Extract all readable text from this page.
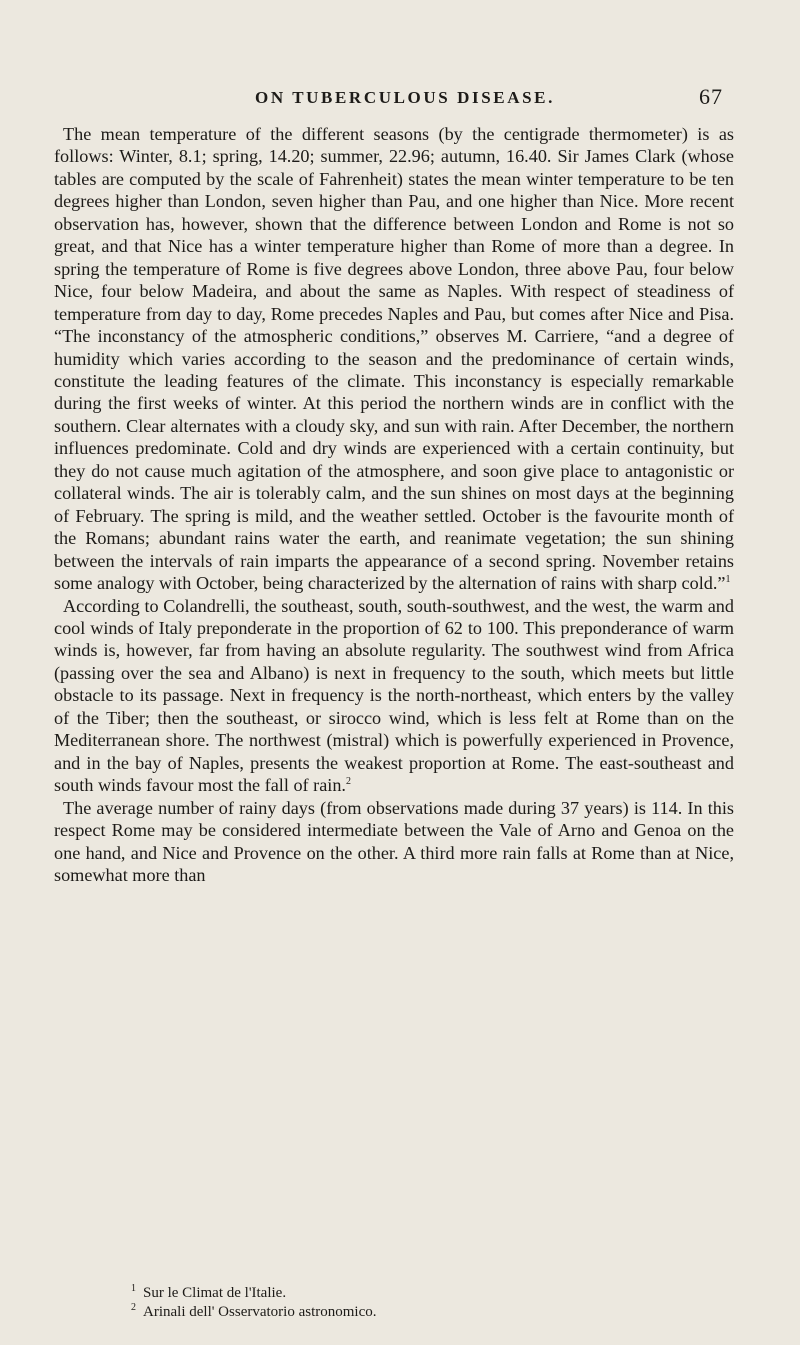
ON TUBERCULOUS DISEASE.	67

The mean temperature of the different seasons (by the centigrade thermometer) is as follows: Winter, 8.1; spring, 14.20; summer, 22.96; autumn, 16.40. Sir James Clark (whose tables are computed by the scale of Fahrenheit) states the mean winter temperature to be ten degrees higher than London, seven higher than Pau, and one higher than Nice. More recent observation has, however, shown that the difference between London and Rome is not so great, and that Nice has a winter temperature higher than Rome of more than a degree. In spring the temperature of Rome is five degrees above London, three above Pau, four below Nice, four below Madeira, and about the same as Naples. With respect of steadiness of temperature from day to day, Rome precedes Naples and Pau, but comes after Nice and Pisa. “The inconstancy of the atmospheric conditions,” observes M. Carriere, “and a degree of humidity which varies according to the season and the predominance of certain winds, constitute the leading features of the climate. This inconstancy is especially remarkable during the first weeks of winter. At this period the northern winds are in conflict with the southern. Clear alternates with a cloudy sky, and sun with rain. After December, the northern influences predominate. Cold and dry winds are experienced with a certain continuity, but they do not cause much agitation of the atmosphere, and soon give place to antagonistic or collateral winds. The air is tolerably calm, and the sun shines on most days at the beginning of February. The spring is mild, and the weather settled. October is the favourite month of the Romans; abundant rains water the earth, and reanimate vegetation; the sun shining between the intervals of rain imparts the appearance of a second spring. November retains some analogy with October, being characterized by the alternation of rains with sharp cold.”$^1$

According to Colandrelli, the southeast, south, south-southwest, and the west, the warm and cool winds of Italy preponderate in the proportion of 62 to 100. This preponderance of warm winds is, however, far from having an absolute regularity. The southwest wind from Africa (passing over the sea and Albano) is next in frequency to the south, which meets but little obstacle to its passage. Next in frequency is the north-northeast, which enters by the valley of the Tiber; then the southeast, or sirocco wind, which is less felt at Rome than on the Mediterranean shore. The northwest (mistral) which is powerfully experienced in Provence, and in the bay of Naples, presents the weakest proportion at Rome. The east-southeast and south winds favour most the fall of rain.$^2$

The average number of rainy days (from observations made during 37 years) is 114. In this respect Rome may be considered intermediate between the Vale of Arno and Genoa on the one hand, and Nice and Provence on the other. A third more rain falls at Rome than at Nice, somewhat more than

1 Sur le Climat de l'Italie.

2 Arinali dell' Osservatorio astronomico.
